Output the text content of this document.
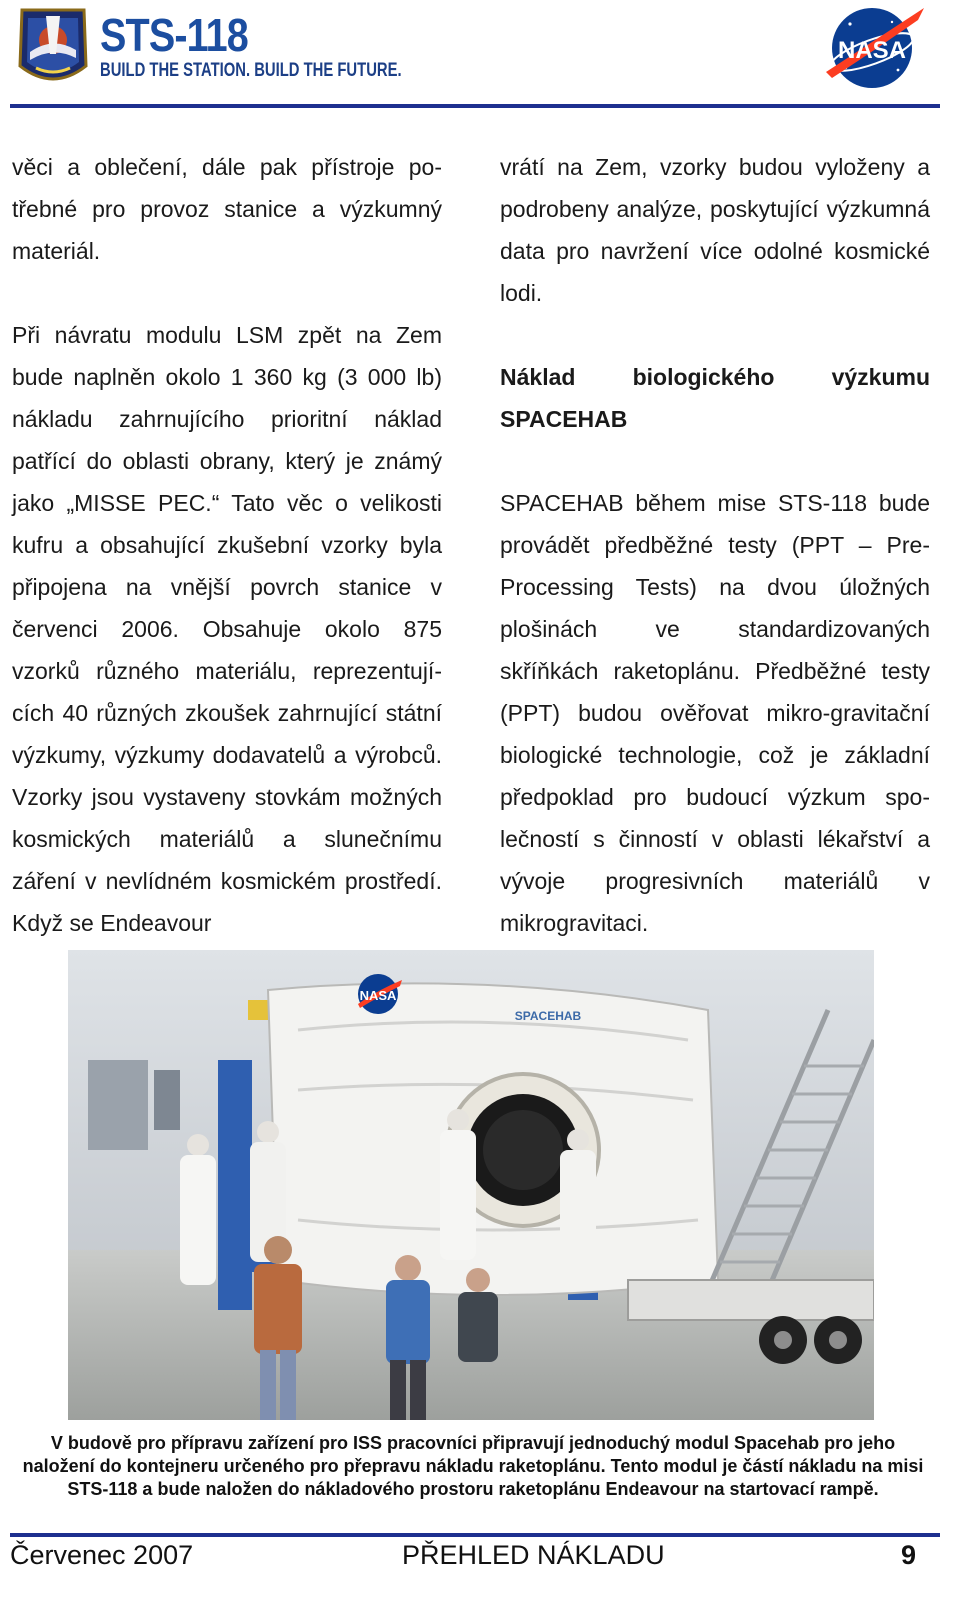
STS-118
BUILD THE STATION. BUILD THE FUTURE.
NASA

věci a oblečení, dále pak přístroje potřebné pro provoz stanice a výzkumný materiál.

Při návratu modulu LSM zpět na Zem bude naplněn okolo 1 360 kg (3 000 lb) nákladu zahrnujícího prioritní náklad patřící do oblasti obrany, který je známý jako „MISSE PEC.“ Tato věc o velikosti kufru a obsahující zkušební vzorky byla připojena na vnější povrch stanice v červenci 2006. Obsahuje okolo 875 vzorků různého materiálu, reprezentujících 40 různých zkoušek zahrnující státní výzkumy, výzkumy dodavatelů a výrobců. Vzorky jsou vystaveny stovkám možných kosmických materiálů a slunečnímu záření v nevlídném kosmickém prostředí. Když se Endeavour

vrátí na Zem, vzorky budou vyloženy a podrobeny analýze, poskytující výzkumná data pro navržení více odolné kosmické lodi.

Náklad biologického výzkumu
SPACEHAB

SPACEHAB během mise STS-118 bude provádět předběžné testy (PPT – Pre-Processing Tests) na dvou úložných plošinách ve standardizovaných skříňkách raketoplánu. Předběžné testy (PPT) budou ověřovat mikro-gravitační biologické technologie, což je základní předpoklad pro budoucí výzkum společností s činností v oblasti lékařství a vývoje progresivních materiálů v mikrogravitaci.

NASA
SPACEHAB
V budově pro přípravu zařízení pro ISS pracovníci připravují jednoduchý modul Spacehab pro jeho naložení do kontejneru určeného pro přepravu nákladu raketoplánu. Tento modul je částí nákladu na misi STS-118 a bude naložen do nákladového prostoru raketoplánu Endeavour na startovací rampě.
Červenec 2007	PŘEHLED NÁKLADU	9
